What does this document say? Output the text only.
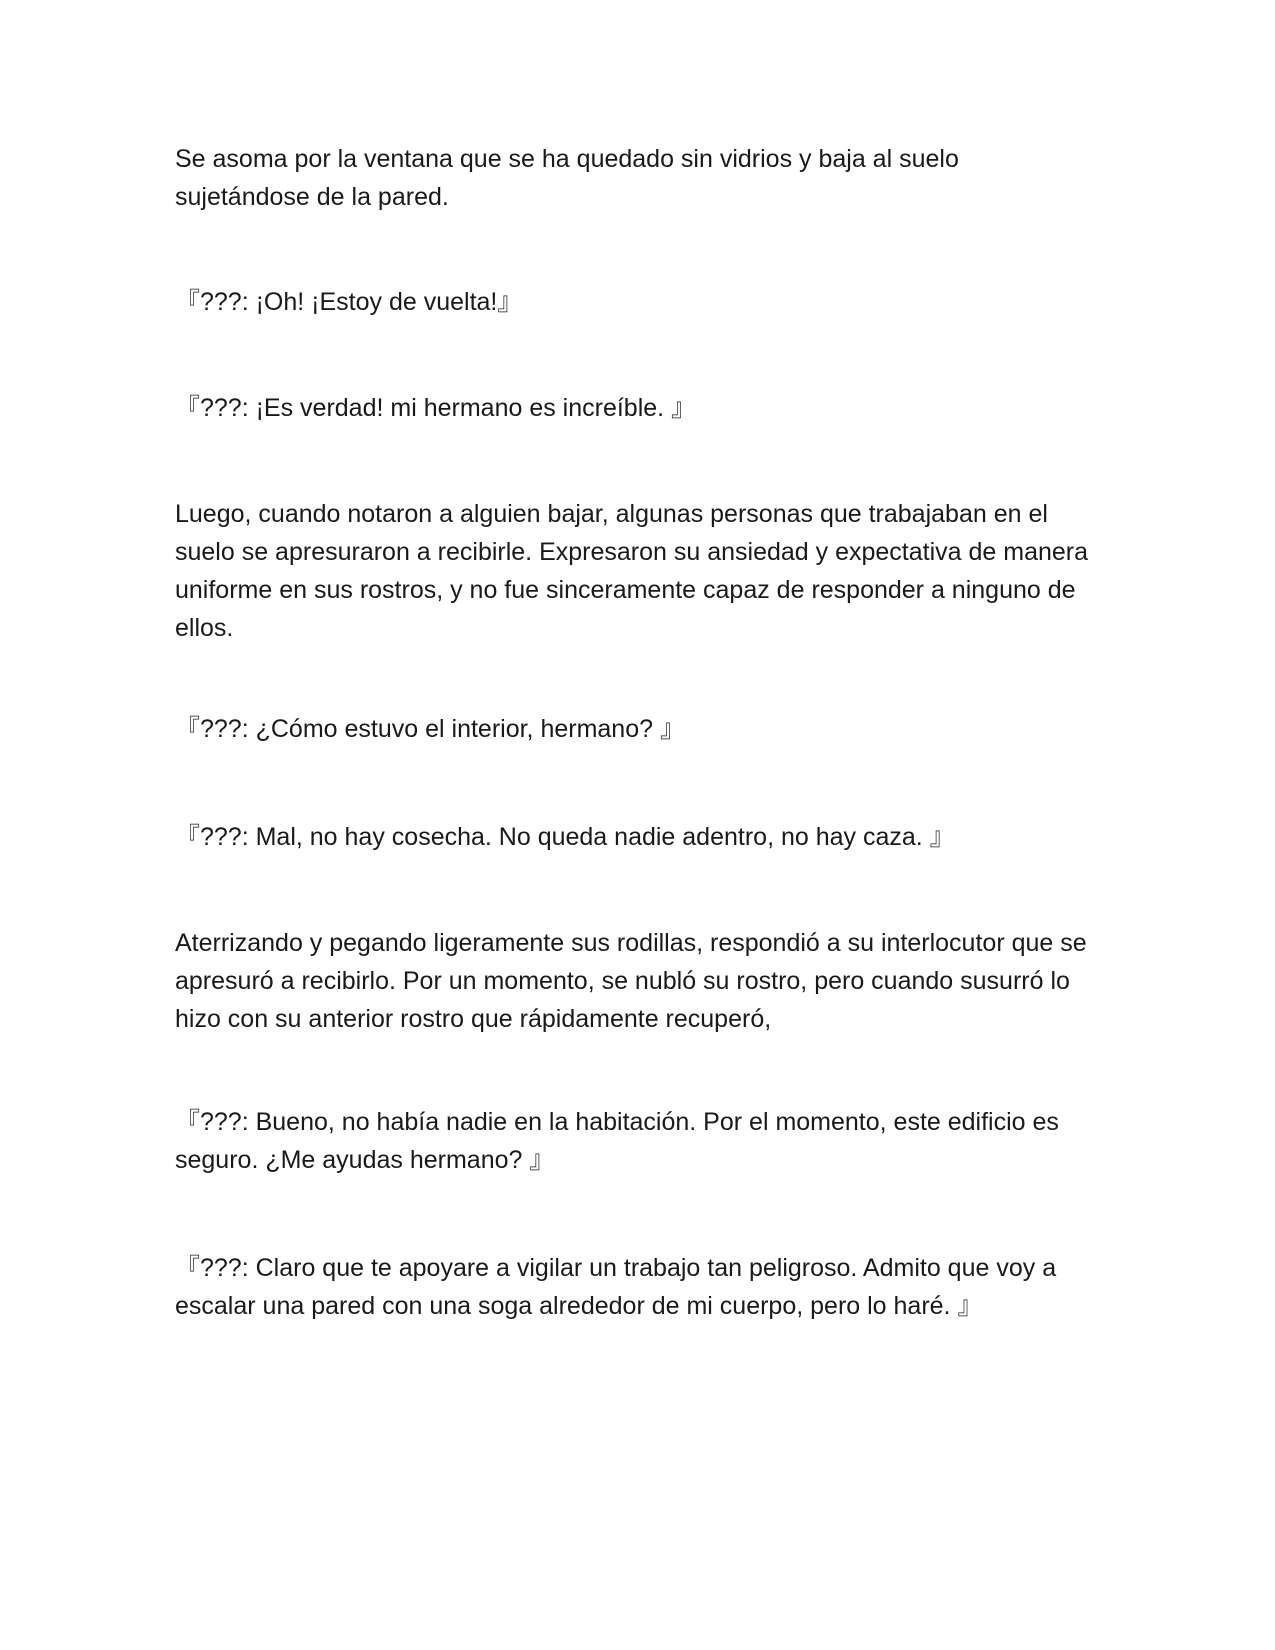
Se asoma por la ventana que se ha quedado sin vidrios y baja al suelo sujetándose de la pared.

『???: ¡Oh! ¡Estoy de vuelta!』

『???: ¡Es verdad! mi hermano es increíble. 』

Luego, cuando notaron a alguien bajar, algunas personas que trabajaban en el suelo se apresuraron a recibirle. Expresaron su ansiedad y expectativa de manera uniforme en sus rostros, y no fue sinceramente capaz de responder a ninguno de ellos.

『???: ¿Cómo estuvo el interior, hermano? 』

『???: Mal, no hay cosecha. No queda nadie adentro, no hay caza. 』

Aterrizando y pegando ligeramente sus rodillas, respondió a su interlocutor que se apresuró a recibirlo. Por un momento, se nubló su rostro, pero cuando susurró lo hizo con su anterior rostro que rápidamente recuperó,

『???: Bueno, no había nadie en la habitación. Por el momento, este edificio es seguro. ¿Me ayudas hermano? 』

『???: Claro que te apoyare a vigilar un trabajo tan peligroso. Admito que voy a escalar una pared con una soga alrededor de mi cuerpo, pero lo haré. 』
